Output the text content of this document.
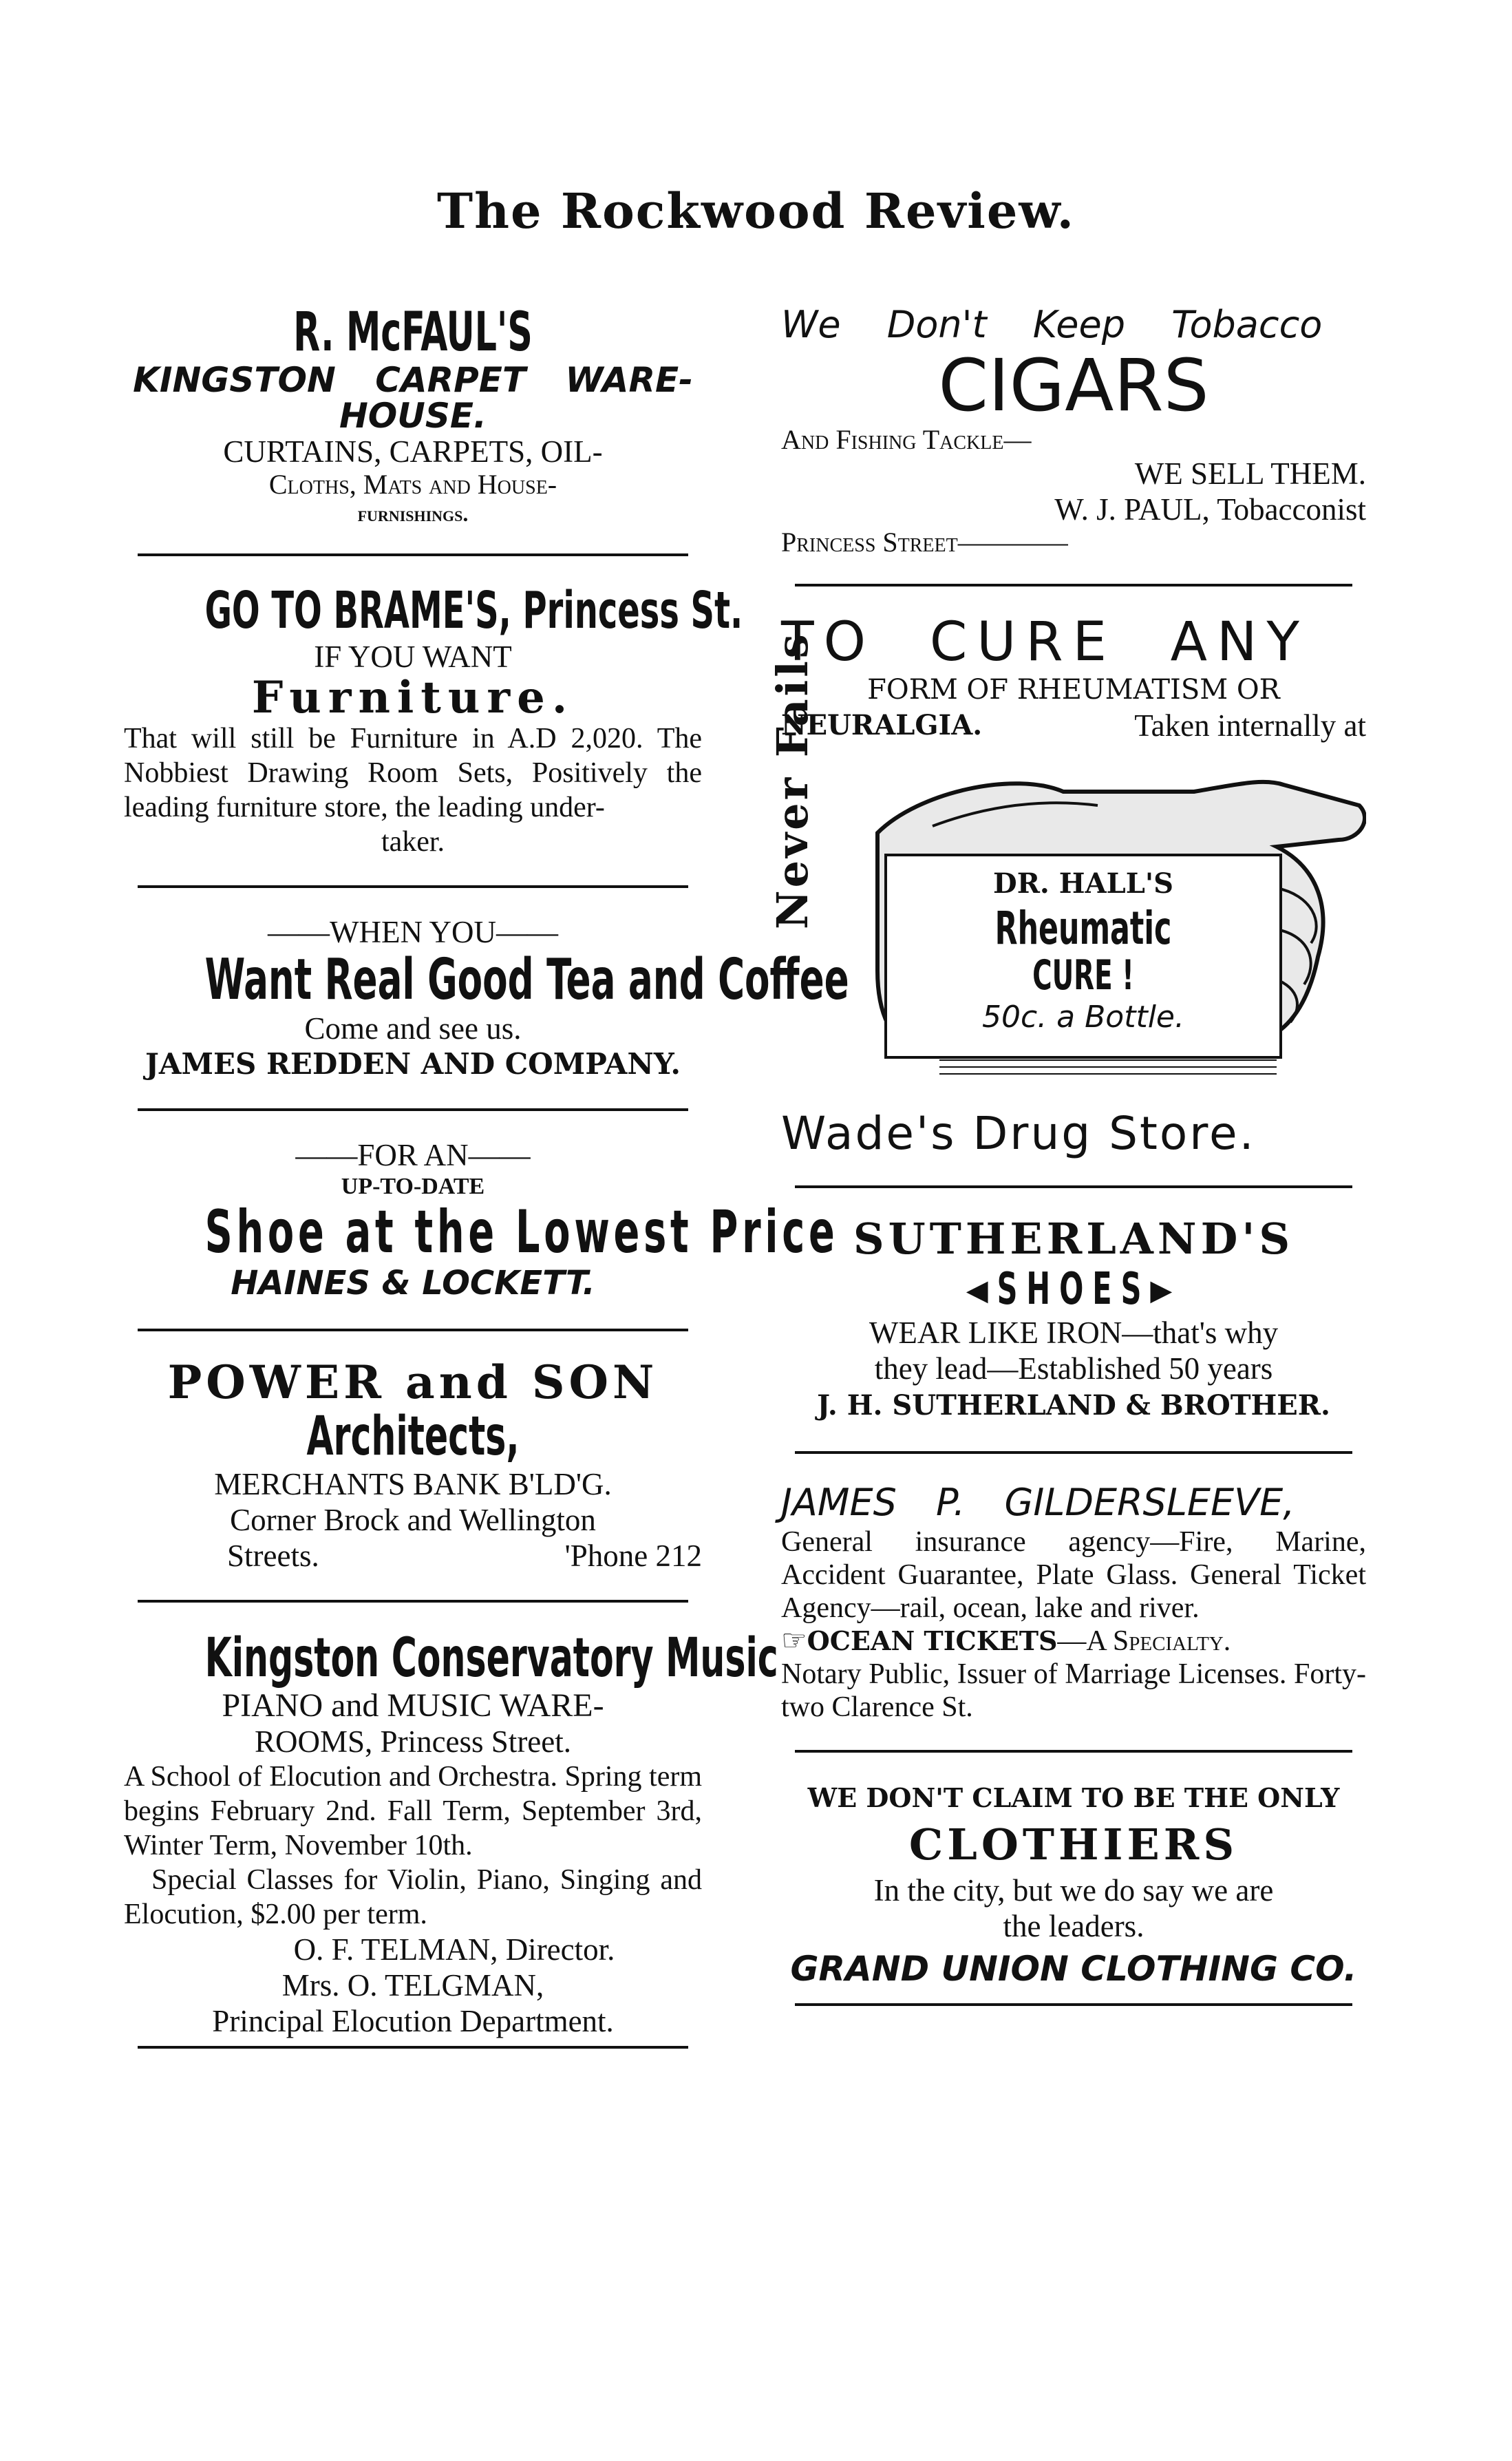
The Rockwood Review.
R. McFAUL'S
KINGSTON CARPET WARE-
HOUSE.
CURTAINS, CARPETS, OIL-
Cloths, Mats and House-
furnishings.
GO TO BRAME'S, Princess St.
IF YOU WANT
Furniture.
That will still be Furniture in A.D 2,020. The Nobbiest Drawing Room Sets, Positively the leading furniture store, the leading under-
taker.
——WHEN YOU——
Want Real Good Tea and Coffee
Come and see us.
JAMES REDDEN AND COMPANY.
——FOR AN——
UP-TO-DATE
Shoe at the Lowest Price
HAINES & LOCKETT.
POWER and SON
Architects,
MERCHANTS BANK B'LD'G.
Corner Brock and Wellington
Streets.	'Phone 212
Kingston Conservatory Music
PIANO and MUSIC WARE-
ROOMS, Princess Street.
A School of Elocution and Orchestra. Spring term begins February 2nd. Fall Term, September 3rd, Winter Term, November 10th.
Special Classes for Violin, Piano, Singing and Elocution, $2.00 per term.
O. F. TELMAN, Director.
Mrs. O. TELGMAN,
Principal Elocution Department.
We Don't Keep Tobacco
CIGARS
And Fishing Tackle—
WE SELL THEM.
W. J. PAUL, Tobacconist
Princess Street————
TO CURE ANY
FORM OF RHEUMATISM OR
NEURALGIA.	Taken internally at
Never Fails	DR. HALL'S
Rheumatic
CURE !
50c. a Bottle.
Wade's Drug Store.
SUTHERLAND'S
◄SHOES►
WEAR LIKE IRON—that's why
they lead—Established 50 years
J. H. SUTHERLAND & BROTHER.
JAMES P. GILDERSLEEVE,
General insurance agency—Fire, Marine, Accident Guarantee, Plate Glass. General Ticket Agency—rail, ocean, lake and river.
☞OCEAN TICKETS—A Specialty.
Notary Public, Issuer of Marriage Licenses. Forty-two Clarence St.
WE DON'T CLAIM TO BE THE ONLY
CLOTHIERS
In the city, but we do say we are
the leaders.
GRAND UNION CLOTHING CO.
